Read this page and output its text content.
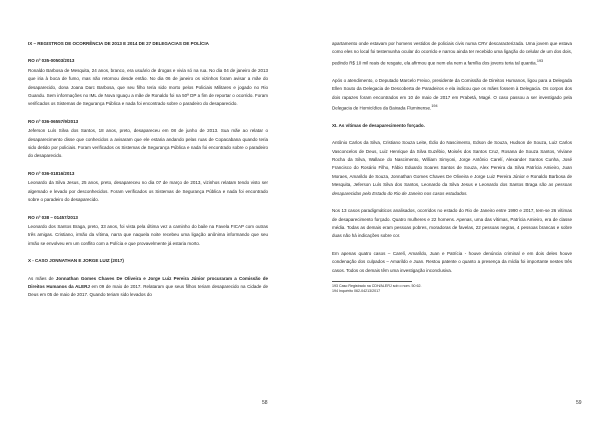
IX – REGISTROS DE OCORRÊNCIA DE 2013 E 2014 DE 27 DELEGACIAS DE POLÍCIA

RO nº 035-00503/2013

Ronaldo Barbosa de Mesquita, 24 anos, branco, era usuário de drogas e vivia só na rua. No dia 04 de janeiro de 2013 que iria à boca de fumo, mas não retornou desde então. No dia 06 de janeiro os vizinhos foram avisar a mãe do desaparecido, dona Joana Darc Barbosa, que seu filho teria sido morto pelos Policiais Militares e jogado no Rio Guandu. Sem informações no IML de Nova Iguaçu a mãe de Ronaldo foi na 50ª DP a fim de reportar o ocorrido. Foram verificados os Sistemas de Segurança Pública e nada foi encontrado sobre o paradeiro do desaparecido.

RO nº 036-06557/9/2013

Jeferson Luís Silva dos Santos, 18 anos, preto, desapareceu em 08 de junho de 2013. Sua mãe ao relatar o desaparecimento disse que conhecidos a avisaram que ele estaria andando pelas ruas de Copacabana quando teria sido detido por policiais. Foram verificados os Sistemas de Segurança Pública e nada foi encontrado sobre o paradeiro do desaparecido.

RO nº 036-01816/2013

Leonardo da Silva Jesus, 25 anos, preto, desapareceu no dia 07 de março de 2013, vizinhos relatam tendo visto ser algemado e levado por desconhecidos. Foram verificados os Sistemas de Segurança Pública e nada foi encontrado sobre o paradeiro do desaparecido.

RO nº 038 – 01457/2013

Leonardo dos Santos Braga, preto, 33 anos, foi vista pela última vez a caminho do baile na Favela FICAP com outras três amigas. Cristiano, irmão da vítima, narra que naquela noite recebeu uma ligação anônima informando que seu irmão se envolveu em um conflito com a Polícia e que provavelmente já estaria morto.

X - CASO JONNATHAN E JORGE LUIZ (2017)

As mães de Jonnathan Gomes Chaves De Oliveira e Jorge Luiz Pereira Júnior procuraram a Comissão de Direitos Humanos da ALERJ em 09 de maio de 2017. Relataram que seus filhos teriam desaparecido na Cidade de Deus em 05 de maio de 2017. Quando teriam sido levados do

58

apartamento onde estavam por homens vestidos de policiais civis numa CRV descaracterizada. Uma jovem que estava como eles no local foi testemunha ocular do ocorrido e narrou ainda ter recebido uma ligação do celular de um dos dois, pedindo R$ 10 mil reais de resgate, ela afirmou que nem ela nem a família dos jovens teria tal quantia.$^{193}$

Após o atendimento, o Deputado Marcelo Freixo, presidente da Comissão de Direitos Humanos, ligou para a Delegada Ellen Souto da Delegacia de Descoberta de Paradeiros e ela indicou que os mães fossem à Delegacia. Os corpos dos dois rapazes foram encontrados em 10 de maio de 2017 em Prabetá, Magé. O caso passou a ser investigado pela Delegacia de Homicídios da Baixada Fluminense.$^{194}$

XI. As vítimas de desaparecimento forçado.

Antônio Carlos da Silva, Cristiano Souza Leite, Édio do Nascimento, Edson de Souza, Hudson de Souza, Luiz Carlos Vasconcelos de Deus, Luiz Henrique da Silva Euzébio, Moisés dos Santos Cruz, Rosana de Souza Santos, Viviane Rocha da Silva, Wallace do Nascimento, William Simyoni, Jorge Antônio Carelí, Alexander Santos Cunha, José Francisco do Rosário Filho, Fábio Eduardo Soares Santos de Souza, Alex Pereira da Silva Patrícia Amieiro, Juan Moraes, Amarildo de Souza, Jonnathan Gomes Chaves De Oliveira e Jorge Luiz Pereira Júnior e Ronaldo Barbosa de Mesquita, Jeferson Luís Silva dos Santos, Leonardo da Silva Jesus e Leonardo dos Santos Braga são as pessoas desaparecidas pelo Estado do Rio de Janeiro nos casos estudados.

Nos 13 casos paradigmáticos analisados, ocorridos no estado do Rio de Janeiro entre 1990 e 2017, tem-se 26 vítimas de desaparecimento forçado. Quatro mulheres e 22 homens. Apenas, uma das vítimas, Patrícia Amieiro, era de classe média. Todas as demais eram pessoas pobres, moradoras de favelas, 22 pessoas negras, 4 pessoas brancas e sobre duas não há indicações sobre cor.

Em apenas quatro casos – Carelí, Amarildo, Juan e Patrícia - houve denúncia criminal e em dois deles houve condenação dos culpados – Amarildo e Juan. Restou patente o quanto a presença da mídia foi importante nestes três casos. Todos os demais têm uma investigação inconclusiva.

193 Caso Registrado na CDH/ALERJ sob o nom. 50 62.

194 Inquérito 062-04213/2017

59
